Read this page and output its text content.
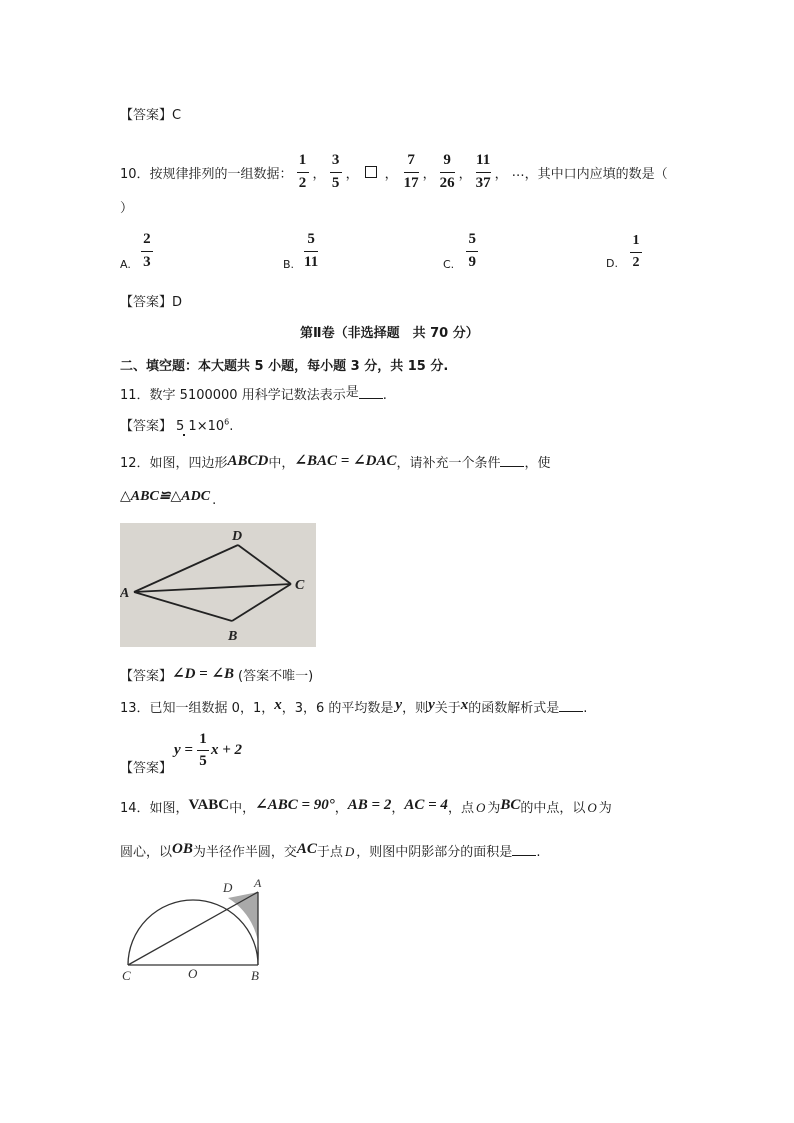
【答案】C
10．按规律排列的一组数据： $\frac{1}{2}$ ， $\frac{3}{5}$ ， ， $\frac{7}{17}$ ， $\frac{9}{26}$ ， $\frac{11}{37}$ ， … ，其中口内应填的数是（
）
A. $\frac{2}{3}$	B. $\frac{5}{11}$	C. $\frac{5}{9}$	D. $\frac{1}{2}$
【答案】D
第Ⅱ卷（非选择题　共 70 分）
二、填空题：本大题共 5 小题，每小题 3 分，共 15 分.
11．数字 5100000 用科学记数法表示是 .
【答案】 5 $1\times 10^6$.
12．如图，四边形ABCD中，∠BAC = ∠DAC，请补充一个条件 ，使
△ABC≌△ADC .
A
D
C
B
【答案】∠D = ∠B (答案不唯一)
13．已知一组数据 0，1，x，3，6 的平均数是 y，则y关于x的函数解析式是 .
【答案】
$y = \frac{1}{5}$ x + 2
14．如图，VABC中，∠ABC = 90°，AB = 2，AC = 4，点 O 为BC的中点，以 O 为
圆心，以OB为半径作半圆，交AC于点 D ，则图中阴影部分的面积是 .
A
D
C	O	B
